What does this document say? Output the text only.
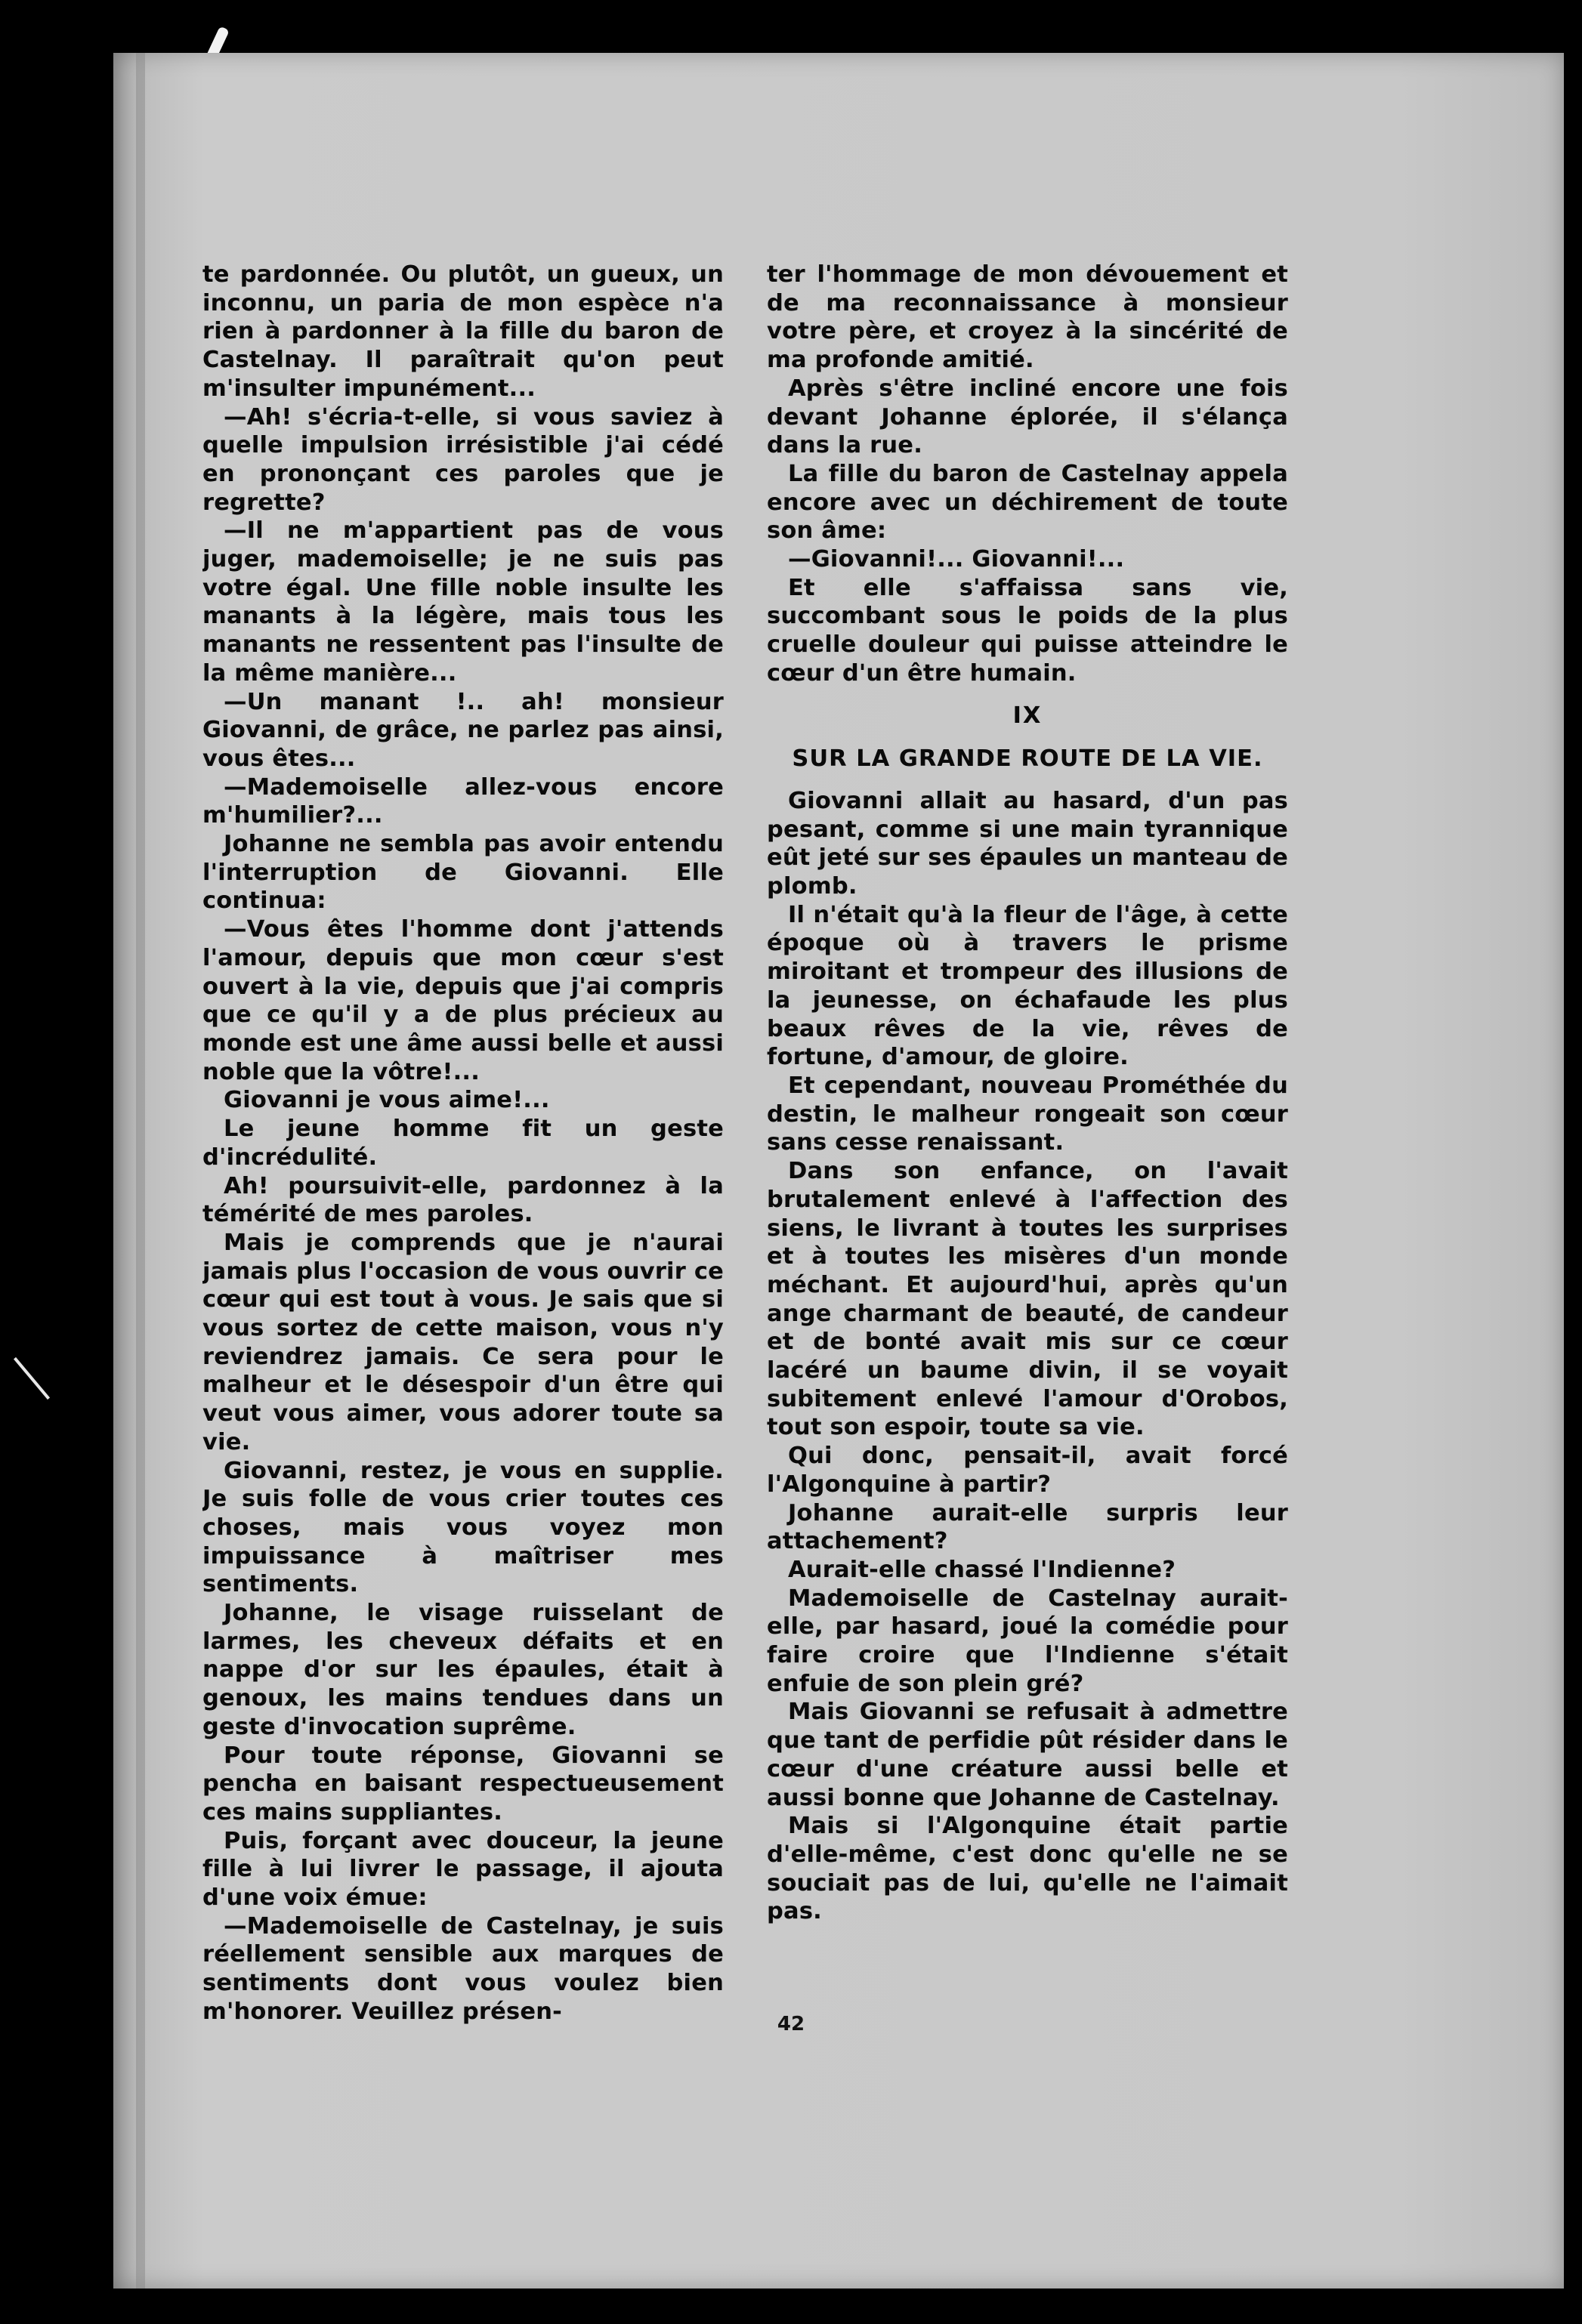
te pardonnée. Ou plutôt, un gueux, un inconnu, un paria de mon espèce n'a rien à pardonner à la fille du baron de Castelnay. Il paraîtrait qu'on peut m'insulter impunément...

—Ah! s'écria-t-elle, si vous saviez à quelle impulsion irrésistible j'ai cédé en prononçant ces paroles que je regrette?

—Il ne m'appartient pas de vous juger, mademoiselle; je ne suis pas votre égal. Une fille noble insulte les manants à la légère, mais tous les manants ne ressentent pas l'insulte de la même manière...

—Un manant !.. ah! monsieur Giovanni, de grâce, ne parlez pas ainsi, vous êtes...

—Mademoiselle allez-vous encore m'humilier?...

Johanne ne sembla pas avoir entendu l'interruption de Giovanni. Elle continua:

—Vous êtes l'homme dont j'attends l'amour, depuis que mon cœur s'est ouvert à la vie, depuis que j'ai compris que ce qu'il y a de plus précieux au monde est une âme aussi belle et aussi noble que la vôtre!...

Giovanni je vous aime!...

Le jeune homme fit un geste d'incrédulité.

Ah! poursuivit-elle, pardonnez à la témérité de mes paroles.

Mais je comprends que je n'aurai jamais plus l'occasion de vous ouvrir ce cœur qui est tout à vous. Je sais que si vous sortez de cette maison, vous n'y reviendrez jamais. Ce sera pour le malheur et le désespoir d'un être qui veut vous aimer, vous adorer toute sa vie.

Giovanni, restez, je vous en supplie. Je suis folle de vous crier toutes ces choses, mais vous voyez mon impuissance à maîtriser mes sentiments.

Johanne, le visage ruisselant de larmes, les cheveux défaits et en nappe d'or sur les épaules, était à genoux, les mains tendues dans un geste d'invocation suprême.

Pour toute réponse, Giovanni se pencha en baisant respectueusement ces mains suppliantes.

Puis, forçant avec douceur, la jeune fille à lui livrer le passage, il ajouta d'une voix émue:

—Mademoiselle de Castelnay, je suis réellement sensible aux marques de sentiments dont vous voulez bien m'honorer. Veuillez présen-

ter l'hommage de mon dévouement et de ma reconnaissance à monsieur votre père, et croyez à la sincérité de ma profonde amitié.

Après s'être incliné encore une fois devant Johanne éplorée, il s'élança dans la rue.

La fille du baron de Castelnay appela encore avec un déchirement de toute son âme:

—Giovanni!... Giovanni!...

Et elle s'affaissa sans vie, succombant sous le poids de la plus cruelle douleur qui puisse atteindre le cœur d'un être humain.

IX

SUR LA GRANDE ROUTE DE LA VIE.

Giovanni allait au hasard, d'un pas pesant, comme si une main tyrannique eût jeté sur ses épaules un manteau de plomb.

Il n'était qu'à la fleur de l'âge, à cette époque où à travers le prisme miroitant et trompeur des illusions de la jeunesse, on échafaude les plus beaux rêves de la vie, rêves de fortune, d'amour, de gloire.

Et cependant, nouveau Prométhée du destin, le malheur rongeait son cœur sans cesse renaissant.

Dans son enfance, on l'avait brutalement enlevé à l'affection des siens, le livrant à toutes les surprises et à toutes les misères d'un monde méchant. Et aujourd'hui, après qu'un ange charmant de beauté, de candeur et de bonté avait mis sur ce cœur lacéré un baume divin, il se voyait subitement enlevé l'amour d'Orobos, tout son espoir, toute sa vie.

Qui donc, pensait-il, avait forcé l'Algonquine à partir?

Johanne aurait-elle surpris leur attachement?

Aurait-elle chassé l'Indienne?

Mademoiselle de Castelnay aurait-elle, par hasard, joué la comédie pour faire croire que l'Indienne s'était enfuie de son plein gré?

Mais Giovanni se refusait à admettre que tant de perfidie pût résider dans le cœur d'une créature aussi belle et aussi bonne que Johanne de Castelnay.

Mais si l'Algonquine était partie d'elle-même, c'est donc qu'elle ne se souciait pas de lui, qu'elle ne l'aimait pas.

42
